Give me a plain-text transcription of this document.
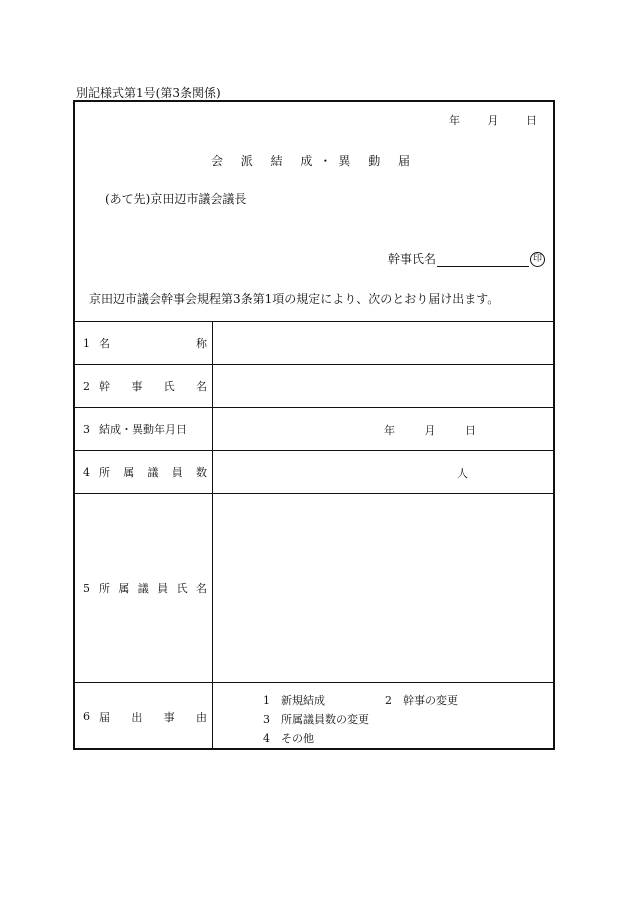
別記様式第1号(第3条関係)
年	月	日
会 派 結 成・異 動 届
(あて先)京田辺市議会議長
幹事氏名	印
京田辺市議会幹事会規程第3条第1項の規定により、次のとおり届け出ます。
1 名	称
2 幹 事 氏 名
3 結成・異動年月日	年	月	日
4 所 属 議 員 数	人
5 所 属 議 員 氏 名
6 届 出 事 由
1 新規結成	2 幹事の変更
3 所属議員数の変更
4 その他
